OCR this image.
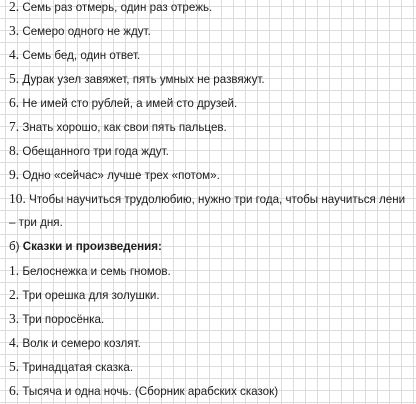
2. Семь раз отмерь, один раз отрежь.
3. Семеро одного не ждут.
4. Семь бед, один ответ.
5. Дурак узел завяжет, пять умных не развяжут.
6. Не имей сто рублей, а имей сто друзей.
7. Знать хорошо, как свои пять пальцев.
8. Обещанного три года ждут.
9. Одно «сейчас» лучше трех «потом».
10. Чтобы научиться трудолюбию, нужно три года, чтобы научиться лени
– три дня.
б) Сказки и произведения:
1. Белоснежка и семь гномов.
2. Три орешка для золушки.
3. Три поросёнка.
4. Волк и семеро козлят.
5. Тринадцатая сказка.
6. Тысяча и одна ночь. (Сборник арабских сказок)
